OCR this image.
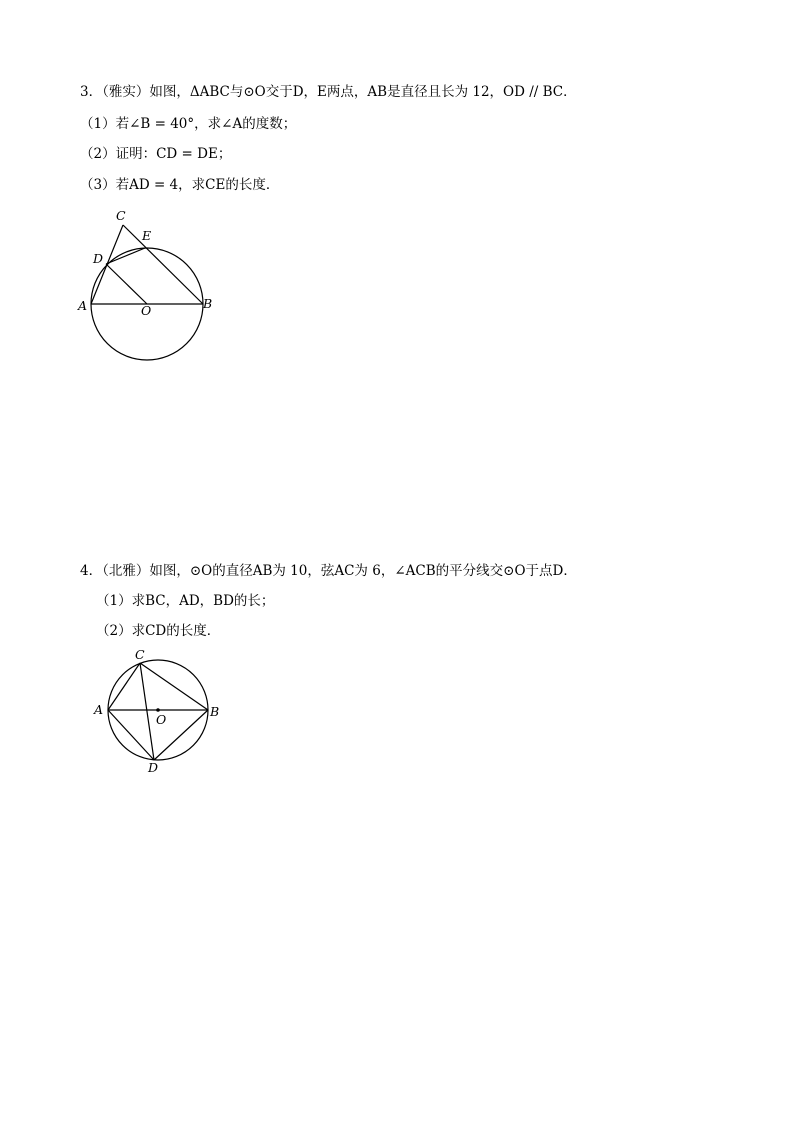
3．（雅实）如图，ΔABC与⊙O交于D，E两点，AB是直径且长为 12，OD // BC．
（1）若∠B = 40°，求∠A的度数；
（2）证明：CD = DE；
（3）若AD = 4，求CE的长度．
C
E
D
A	O	B
4．（北雅）如图，⊙O的直径AB为 10，弦AC为 6，∠ACB的平分线交⊙O于点D．
（1）求BC，AD，BD的长；
（2）求CD的长度．
C
A	B
O
D
